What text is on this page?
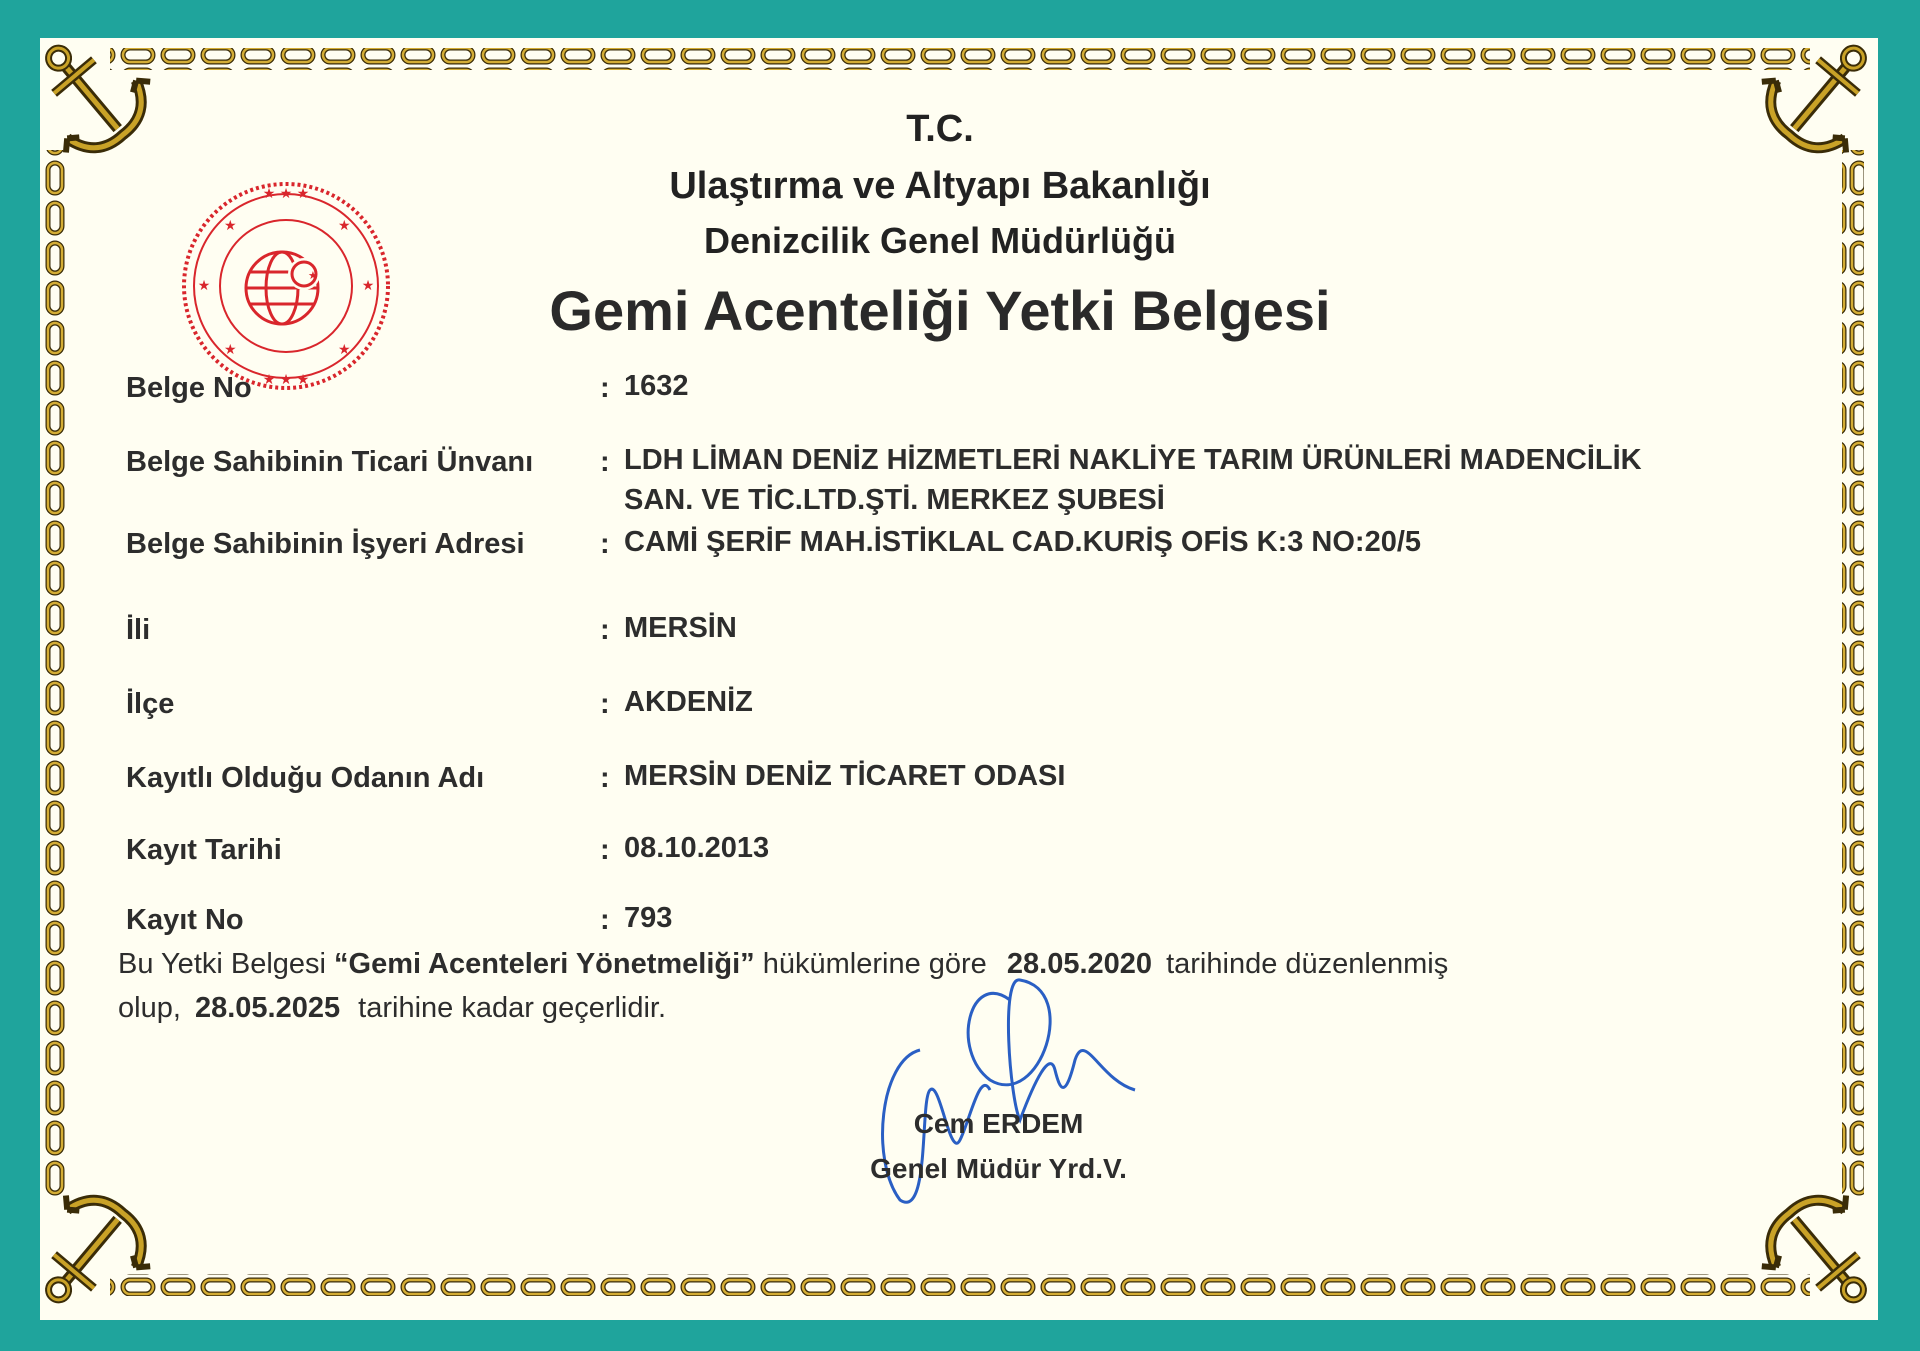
★ ★ ★
★	★
★ ★ ★
★	★
★	★
★
T.C.
Ulaştırma ve Altyapı Bakanlığı
Denizcilik Genel Müdürlüğü
Gemi Acenteliği Yetki Belgesi
Belge No	: 1632
Belge Sahibinin Ticari Ünvanı : LDH LİMAN DENİZ HİZMETLERİ NAKLİYE TARIM ÜRÜNLERİ MADENCİLİK
SAN. VE TİC.LTD.ŞTİ. MERKEZ ŞUBESİ
Belge Sahibinin İşyeri Adresi	: CAMİ ŞERİF MAH.İSTİKLAL CAD.KURİŞ OFİS K:3 NO:20/5
İli	: MERSİN
İlçe	: AKDENİZ
Kayıtlı Olduğu Odanın Adı	: MERSİN DENİZ TİCARET ODASI
Kayıt Tarihi	: 08.10.2013
Kayıt No	: 793
Bu Yetki Belgesi “Gemi Acenteleri Yönetmeliği” hükümlerine göre 28.05.2020 tarihinde düzenlenmiş
olup, 28.05.2025 tarihine kadar geçerlidir.
Cem ERDEM
Genel Müdür Yrd.V.
